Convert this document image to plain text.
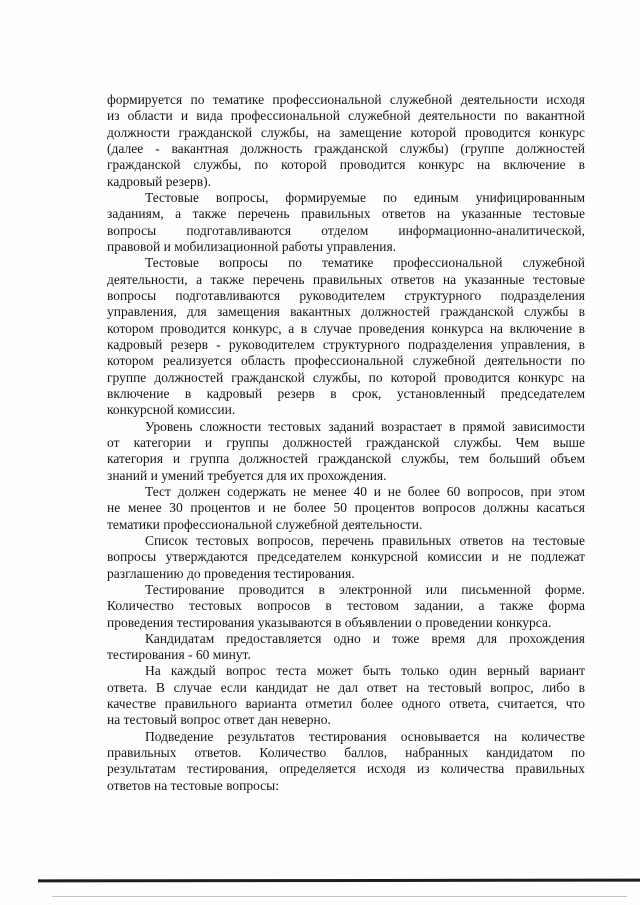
формируется по тематике профессиональной служебной деятельности исходя
из области и вида профессиональной служебной деятельности по вакантной
должности гражданской службы, на замещение которой проводится конкурс
(далее - вакантная должность гражданской службы) (группе должностей
гражданской службы, по которой проводится конкурс на включение в
кадровый резерв).
Тестовые вопросы, формируемые по единым унифицированным
заданиям, а также перечень правильных ответов на указанные тестовые
вопросы подготавливаются отделом информационно-аналитической,
правовой и мобилизационной работы управления.
Тестовые вопросы по тематике профессиональной служебной
деятельности, а также перечень правильных ответов на указанные тестовые
вопросы подготавливаются руководителем структурного подразделения
управления, для замещения вакантных должностей гражданской службы в
котором проводится конкурс, а в случае проведения конкурса на включение в
кадровый резерв - руководителем структурного подразделения управления, в
котором реализуется область профессиональной служебной деятельности по
группе должностей гражданской службы, по которой проводится конкурс на
включение в кадровый резерв в срок, установленный председателем
конкурсной комиссии.
Уровень сложности тестовых заданий возрастает в прямой зависимости
от категории и группы должностей гражданской службы. Чем выше
категория и группа должностей гражданской службы, тем больший объем
знаний и умений требуется для их прохождения.
Тест должен содержать не менее 40 и не более 60 вопросов, при этом
не менее 30 процентов и не более 50 процентов вопросов должны касаться
тематики профессиональной служебной деятельности.
Список тестовых вопросов, перечень правильных ответов на тестовые
вопросы утверждаются председателем конкурсной комиссии и не подлежат
разглашению до проведения тестирования.
Тестирование проводится в электронной или письменной форме.
Количество тестовых вопросов в тестовом задании, а также форма
проведения тестирования указываются в объявлении о проведении конкурса.
Кандидатам предоставляется одно и тоже время для прохождения
тестирования - 60 минут.
На каждый вопрос теста может быть только один верный вариант
ответа. В случае если кандидат не дал ответ на тестовый вопрос, либо в
качестве правильного варианта отметил более одного ответа, считается, что
на тестовый вопрос ответ дан неверно.
Подведение результатов тестирования основывается на количестве
правильных ответов. Количество баллов, набранных кандидатом по
результатам тестирования, определяется исходя из количества правильных
ответов на тестовые вопросы:
